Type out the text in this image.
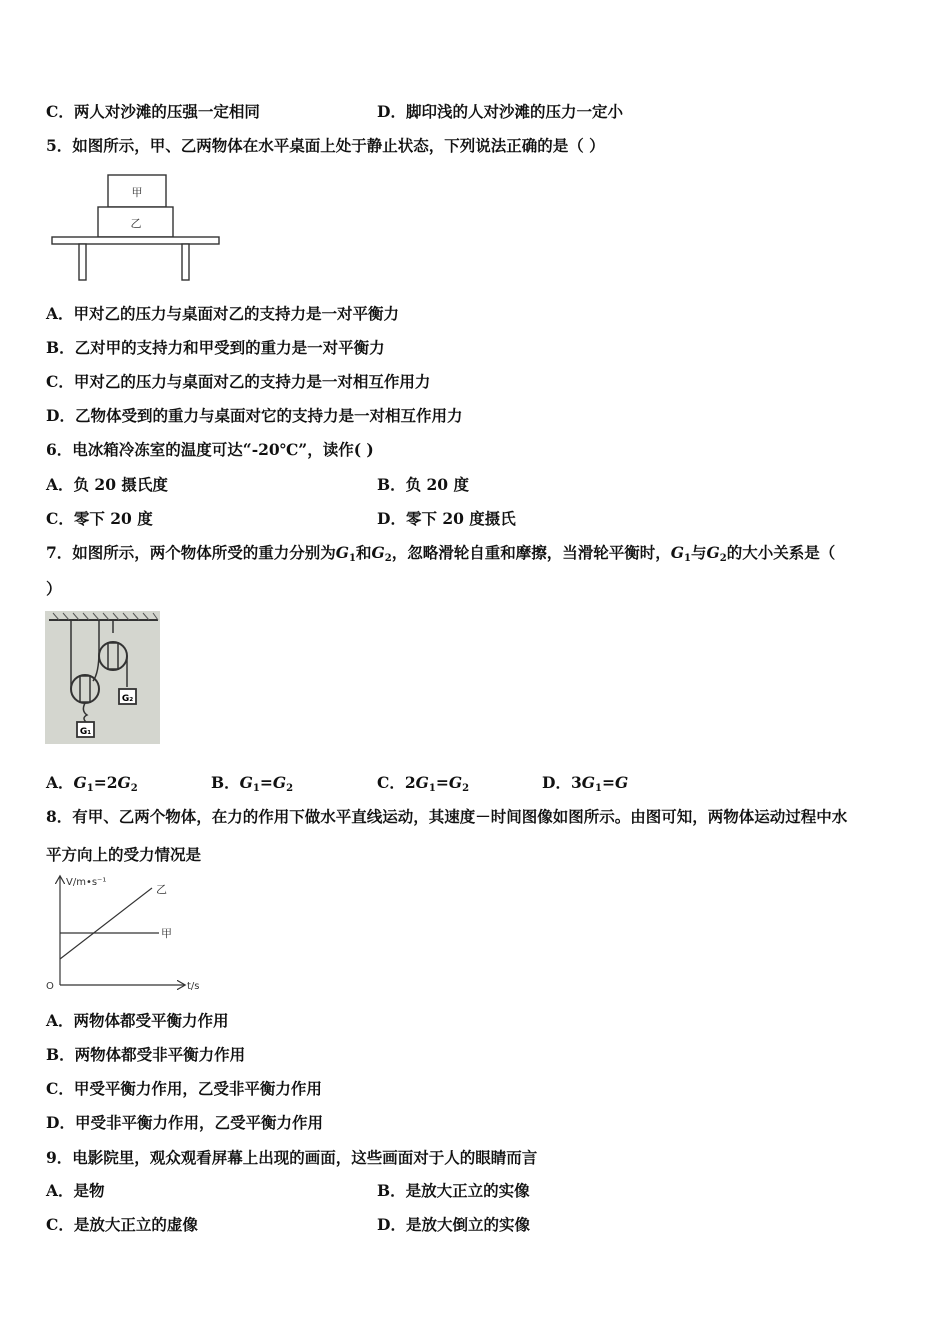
C．两人对沙滩的压强一定相同	D．脚印浅的人对沙滩的压力一定小
5．如图所示，甲、乙两物体在水平桌面上处于静止状态，下列说法正确的是（ ）
甲
乙
A．甲对乙的压力与桌面对乙的支持力是一对平衡力
B．乙对甲的支持力和甲受到的重力是一对平衡力
C．甲对乙的压力与桌面对乙的支持力是一对相互作用力
D．乙物体受到的重力与桌面对它的支持力是一对相互作用力
6．电冰箱冷冻室的温度可达“-20℃”，读作( )
A．负 20 摄氏度	B．负 20 度
C．零下 20 度	D．零下 20 度摄氏
7．如图所示，两个物体所受的重力分别为$G_1$和$G_2$，忽略滑轮自重和摩擦，当滑轮平衡时，$G_1$与$G_2$的大小关系是（
）
G₁
G₂
A．$G_1=2G_2$	B．$G_1=G_2$	C．$2G_1=G_2$	D．$3G_1=G$
8．有甲、乙两个物体，在力的作用下做水平直线运动，其速度－时间图像如图所示。由图可知，两物体运动过程中水
平方向上的受力情况是
V/m•s⁻¹
t/s
O
乙
甲
A．两物体都受平衡力作用
B．两物体都受非平衡力作用
C．甲受平衡力作用，乙受非平衡力作用
D．甲受非平衡力作用，乙受平衡力作用
9．电影院里，观众观看屏幕上出现的画面，这些画面对于人的眼睛而言
A．是物	B．是放大正立的实像
C．是放大正立的虚像	D．是放大倒立的实像
